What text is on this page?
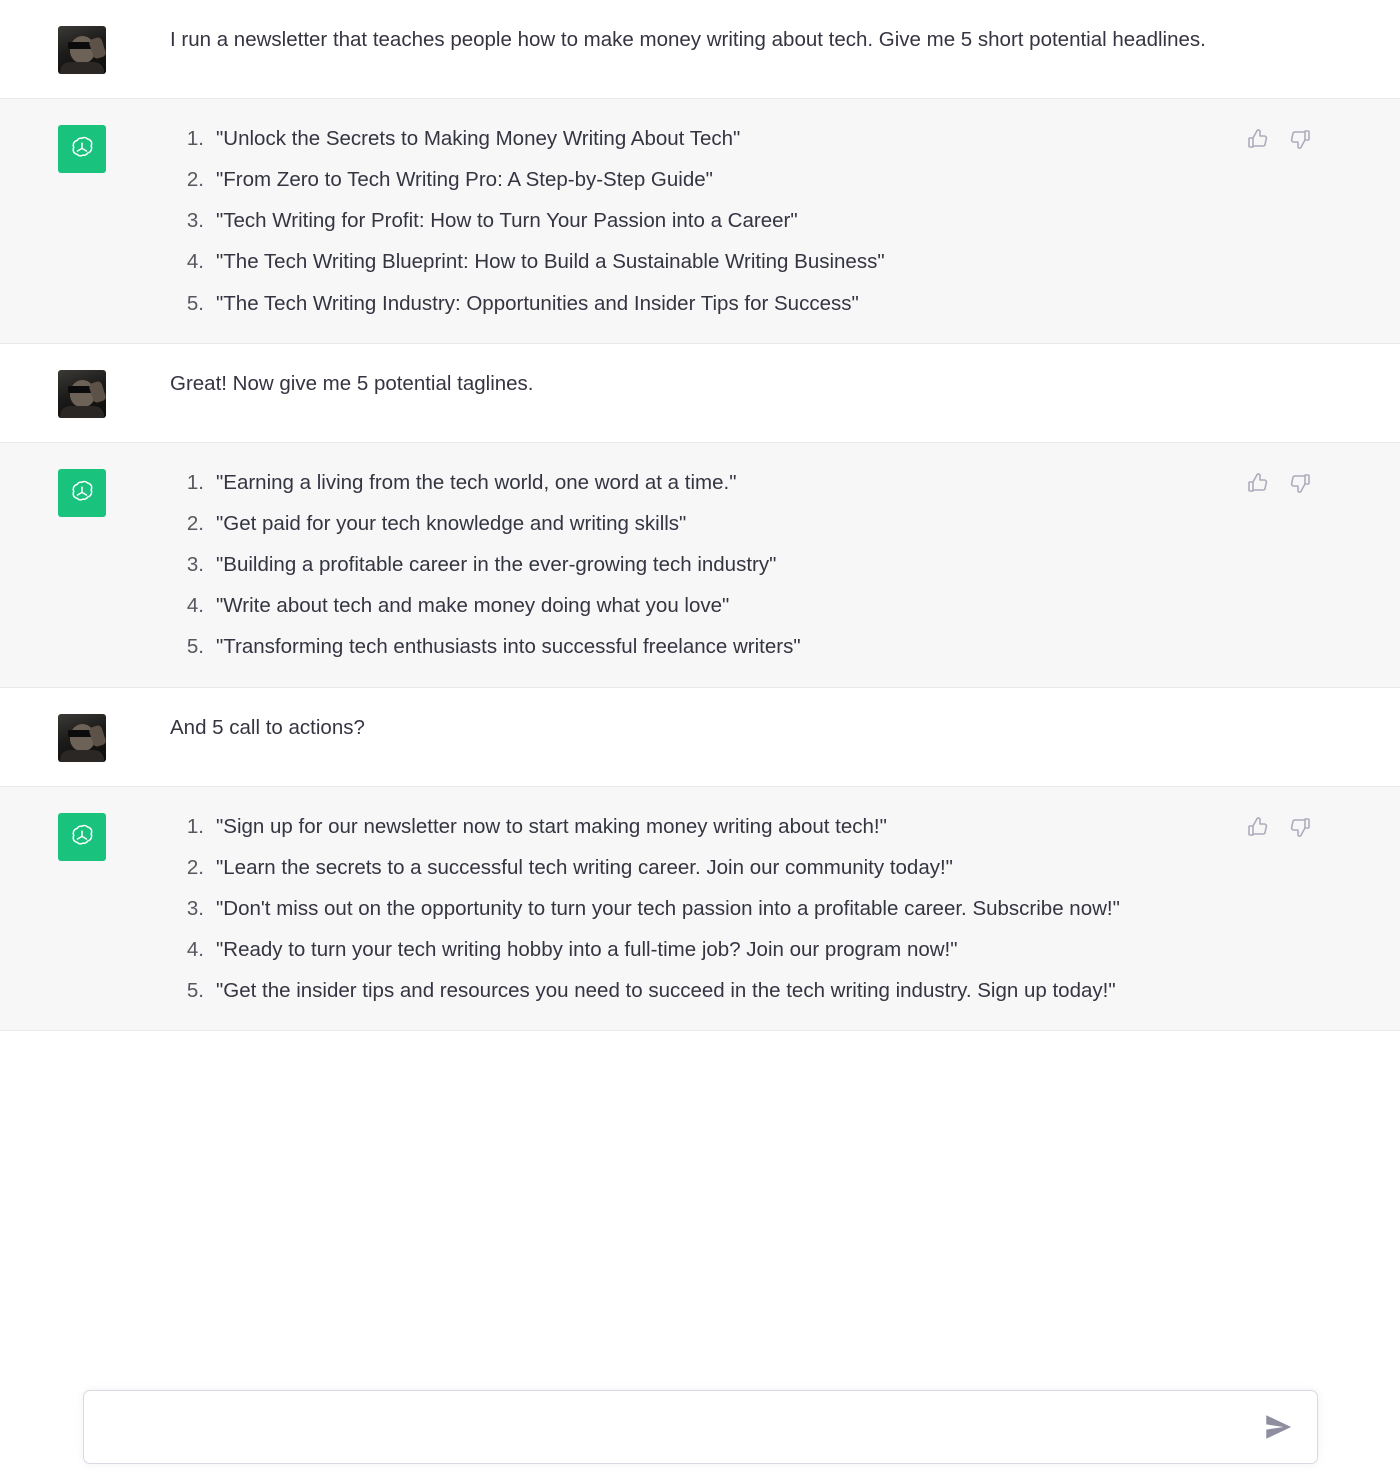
I run a newsletter that teaches people how to make money writing about tech. Give me 5 short potential headlines.

"Unlock the Secrets to Making Money Writing About Tech"
"From Zero to Tech Writing Pro: A Step-by-Step Guide"
"Tech Writing for Profit: How to Turn Your Passion into a Career"
"The Tech Writing Blueprint: How to Build a Sustainable Writing Business"
"The Tech Writing Industry: Opportunities and Insider Tips for Success"

Great! Now give me 5 potential taglines.

"Earning a living from the tech world, one word at a time."
"Get paid for your tech knowledge and writing skills"
"Building a profitable career in the ever-growing tech industry"
"Write about tech and make money doing what you love"
"Transforming tech enthusiasts into successful freelance writers"

And 5 call to actions?

"Sign up for our newsletter now to start making money writing about tech!"
"Learn the secrets to a successful tech writing career. Join our community today!"
"Don't miss out on the opportunity to turn your tech passion into a profitable career. Subscribe now!"
"Ready to turn your tech writing hobby into a full-time job? Join our program now!"
"Get the insider tips and resources you need to succeed in the tech writing industry. Sign up today!"
